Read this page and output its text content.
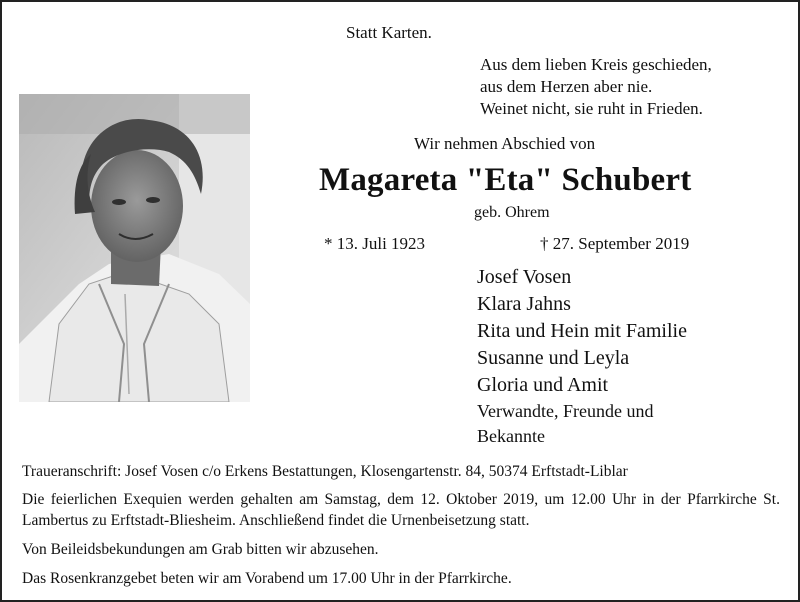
Statt Karten.
Aus dem lieben Kreis geschieden,
aus dem Herzen aber nie.
Weinet nicht, sie ruht in Frieden.
Wir nehmen Abschied von
Magareta "Eta" Schubert
geb. Ohrem
* 13. Juli 1923	† 27. September 2019
Josef Vosen
Klara Jahns
Rita und Hein mit Familie
Susanne und Leyla
Gloria und Amit
Verwandte, Freunde und
Bekannte
Traueranschrift: Josef Vosen c/o Erkens Bestattungen, Klosengartenstr. 84, 50374 Erftstadt-Liblar
Die feierlichen Exequien werden gehalten am Samstag, dem 12. Oktober 2019, um 12.00 Uhr in der Pfarrkirche St. Lambertus zu Erftstadt-Bliesheim. Anschließend findet die Urnenbeisetzung statt.
Von Beileidsbekundungen am Grab bitten wir abzusehen.
Das Rosenkranzgebet beten wir am Vorabend um 17.00 Uhr in der Pfarrkirche.
